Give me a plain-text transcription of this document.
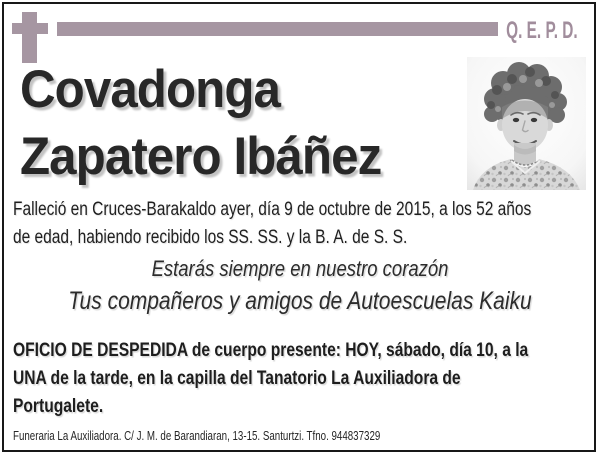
Q. E. P. D.
Covadonga
Zapatero Ibáñez
Falleció en Cruces-Barakaldo ayer, día 9 de octubre de 2015, a los 52 años
de edad, habiendo recibido los SS. SS. y la B. A. de S. S.
Estarás siempre en nuestro corazón
Tus compañeros y amigos de Autoescuelas Kaiku
OFICIO DE DESPEDIDA de cuerpo presente: HOY, sábado, día 10, a la
UNA de la tarde, en la capilla del Tanatorio La Auxiliadora de
Portugalete.
Funeraria La Auxiliadora. C/ J. M. de Barandiaran, 13-15. Santurtzi. Tfno. 944837329
